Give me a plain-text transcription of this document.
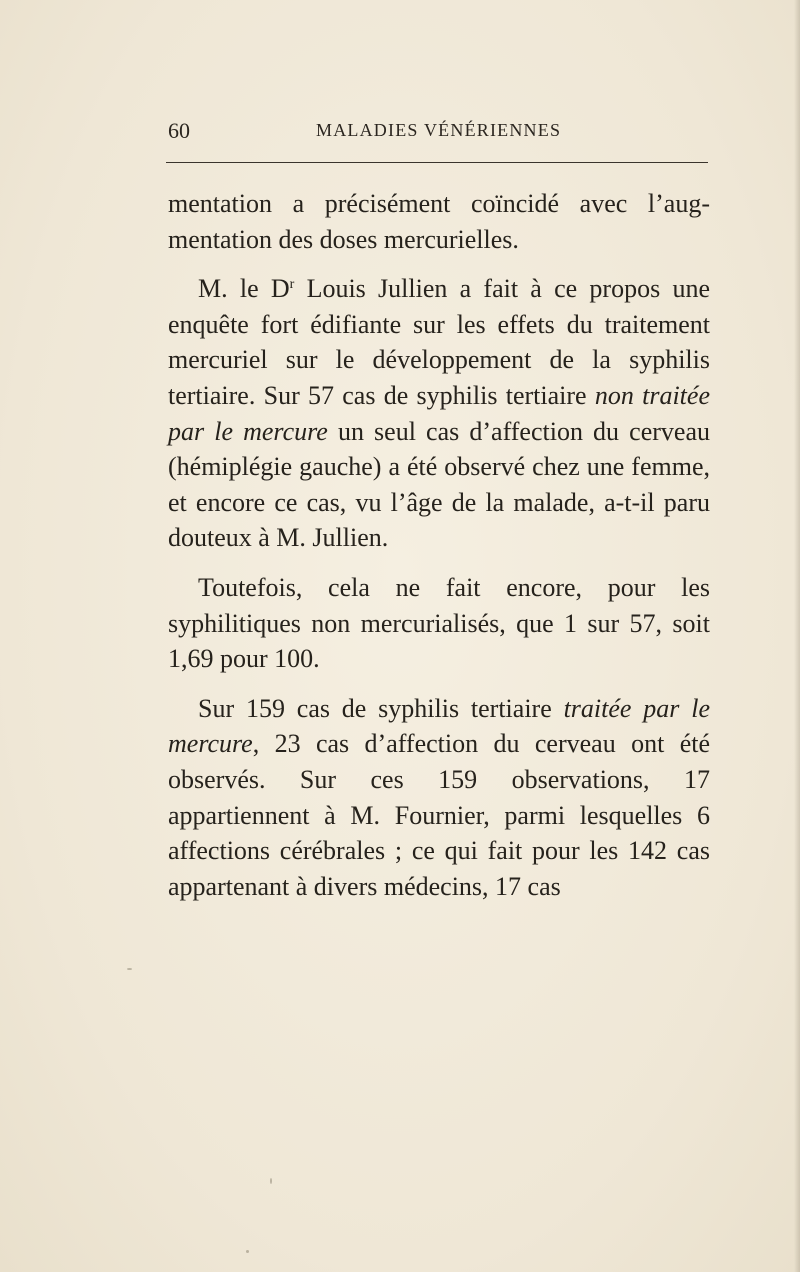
60	MALADIES VÉNÉRIENNES

mentation a précisément coïncidé avec l’aug-mentation des doses mercurielles.

M. le $D^r$ Louis Jullien a fait à ce propos une enquête fort édifiante sur les effets du traitement mercuriel sur le développement de la syphilis tertiaire. Sur 57 cas de syphilis tertiaire non traitée par le mercure un seul cas d’affection du cerveau (hémiplégie gauche) a été observé chez une femme, et encore ce cas, vu l’âge de la malade, a-t-il paru douteux à M. Jullien.

Toutefois, cela ne fait encore, pour les syphilitiques non mercurialisés, que 1 sur 57, soit 1,69 pour 100.

Sur 159 cas de syphilis tertiaire traitée par le mercure, 23 cas d’affection du cerveau ont été observés. Sur ces 159 observations, 17 appartiennent à M. Fournier, parmi lesquelles 6 affections cérébrales ; ce qui fait pour les 142 cas appartenant à divers médecins, 17 cas
